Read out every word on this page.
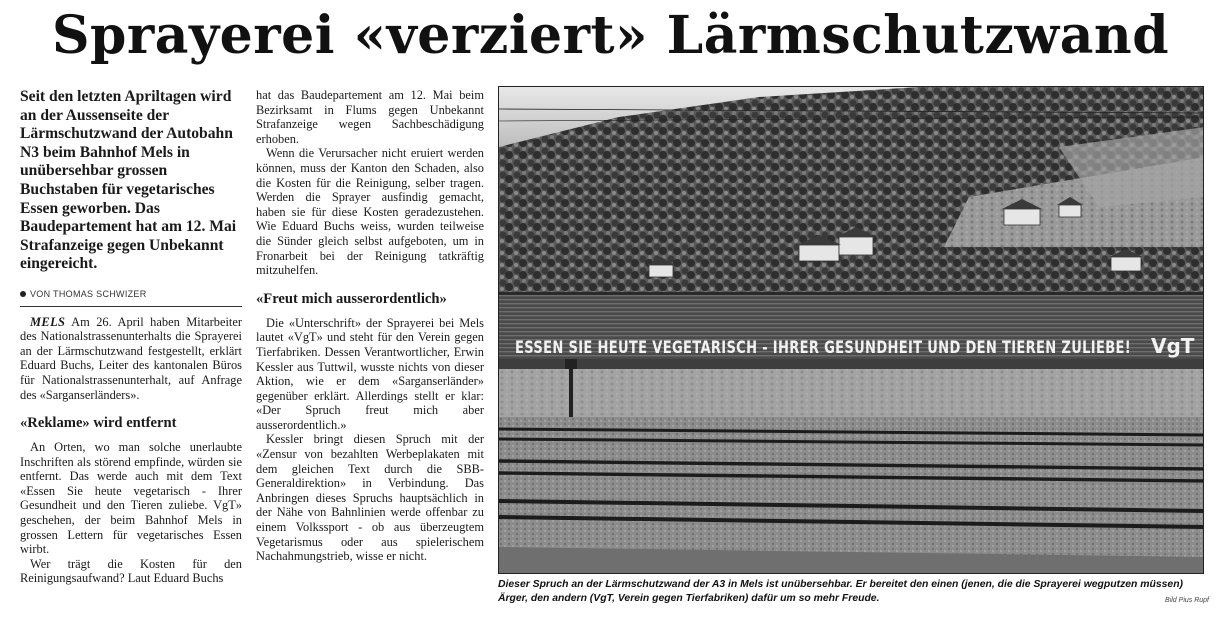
Sprayerei «verziert» Lärmschutzwand

Seit den letzten Apriltagen wird an der Aussenseite der Lärmschutzwand der Autobahn N3 beim Bahnhof Mels in unübersehbar grossen Buchstaben für vegetarisches Essen geworben. Das Baudepartement hat am 12. Mai Strafanzeige gegen Unbekannt eingereicht.

VON THOMAS SCHWIZER

MELS Am 26. April haben Mitarbeiter des Nationalstrassenunterhalts die Sprayerei an der Lärmschutzwand festgestellt, erklärt Eduard Buchs, Leiter des kantonalen Büros für Nationalstrassenunterhalt, auf Anfrage des «Sarganserländers».

«Reklame» wird entfernt

An Orten, wo man solche unerlaubte Inschriften als störend empfinde, würden sie entfernt. Das werde auch mit dem Text «Essen Sie heute vegetarisch - Ihrer Gesundheit und den Tieren zuliebe. VgT» geschehen, der beim Bahnhof Mels in grossen Lettern für vegetarisches Essen wirbt.

Wer trägt die Kosten für den Reinigungsaufwand? Laut Eduard Buchs

hat das Baudepartement am 12. Mai beim Bezirksamt in Flums gegen Unbekannt Strafanzeige wegen Sachbeschädigung erhoben.

Wenn die Verursacher nicht eruiert werden können, muss der Kanton den Schaden, also die Kosten für die Reinigung, selber tragen. Werden die Sprayer ausfindig gemacht, haben sie für diese Kosten geradezustehen. Wie Eduard Buchs weiss, wurden teilweise die Sünder gleich selbst aufgeboten, um in Fronarbeit bei der Reinigung tatkräftig mitzuhelfen.

«Freut mich ausserordentlich»

Die «Unterschrift» der Sprayerei bei Mels lautet «VgT» und steht für den Verein gegen Tierfabriken. Dessen Verantwortlicher, Erwin Kessler aus Tuttwil, wusste nichts von dieser Aktion, wie er dem «Sarganserländer» gegenüber erklärt. Allerdings stellt er klar: «Der Spruch freut mich aber ausserordentlich.»

Kessler bringt diesen Spruch mit der «Zensur von bezahlten Werbeplakaten mit dem gleichen Text durch die SBB-Generaldirektion» in Verbindung. Das Anbringen dieses Spruchs hauptsächlich in der Nähe von Bahnlinien werde offenbar zu einem Volkssport - ob aus überzeugtem Vegetarismus oder aus spielerischem Nachahmungstrieb, wisse er nicht.

ESSEN SIE HEUTE VEGETARISCH - IHRER GESUNDHEIT UND DEN TIEREN ZULIEBE! VgT
Dieser Spruch an der Lärmschutzwand der A3 in Mels ist unübersehbar. Er bereitet den einen (jenen, die die Sprayerei wegputzen müssen) Ärger, den andern (VgT, Verein gegen Tierfabriken) dafür um so mehr Freude.	Bild Pius Rupf
